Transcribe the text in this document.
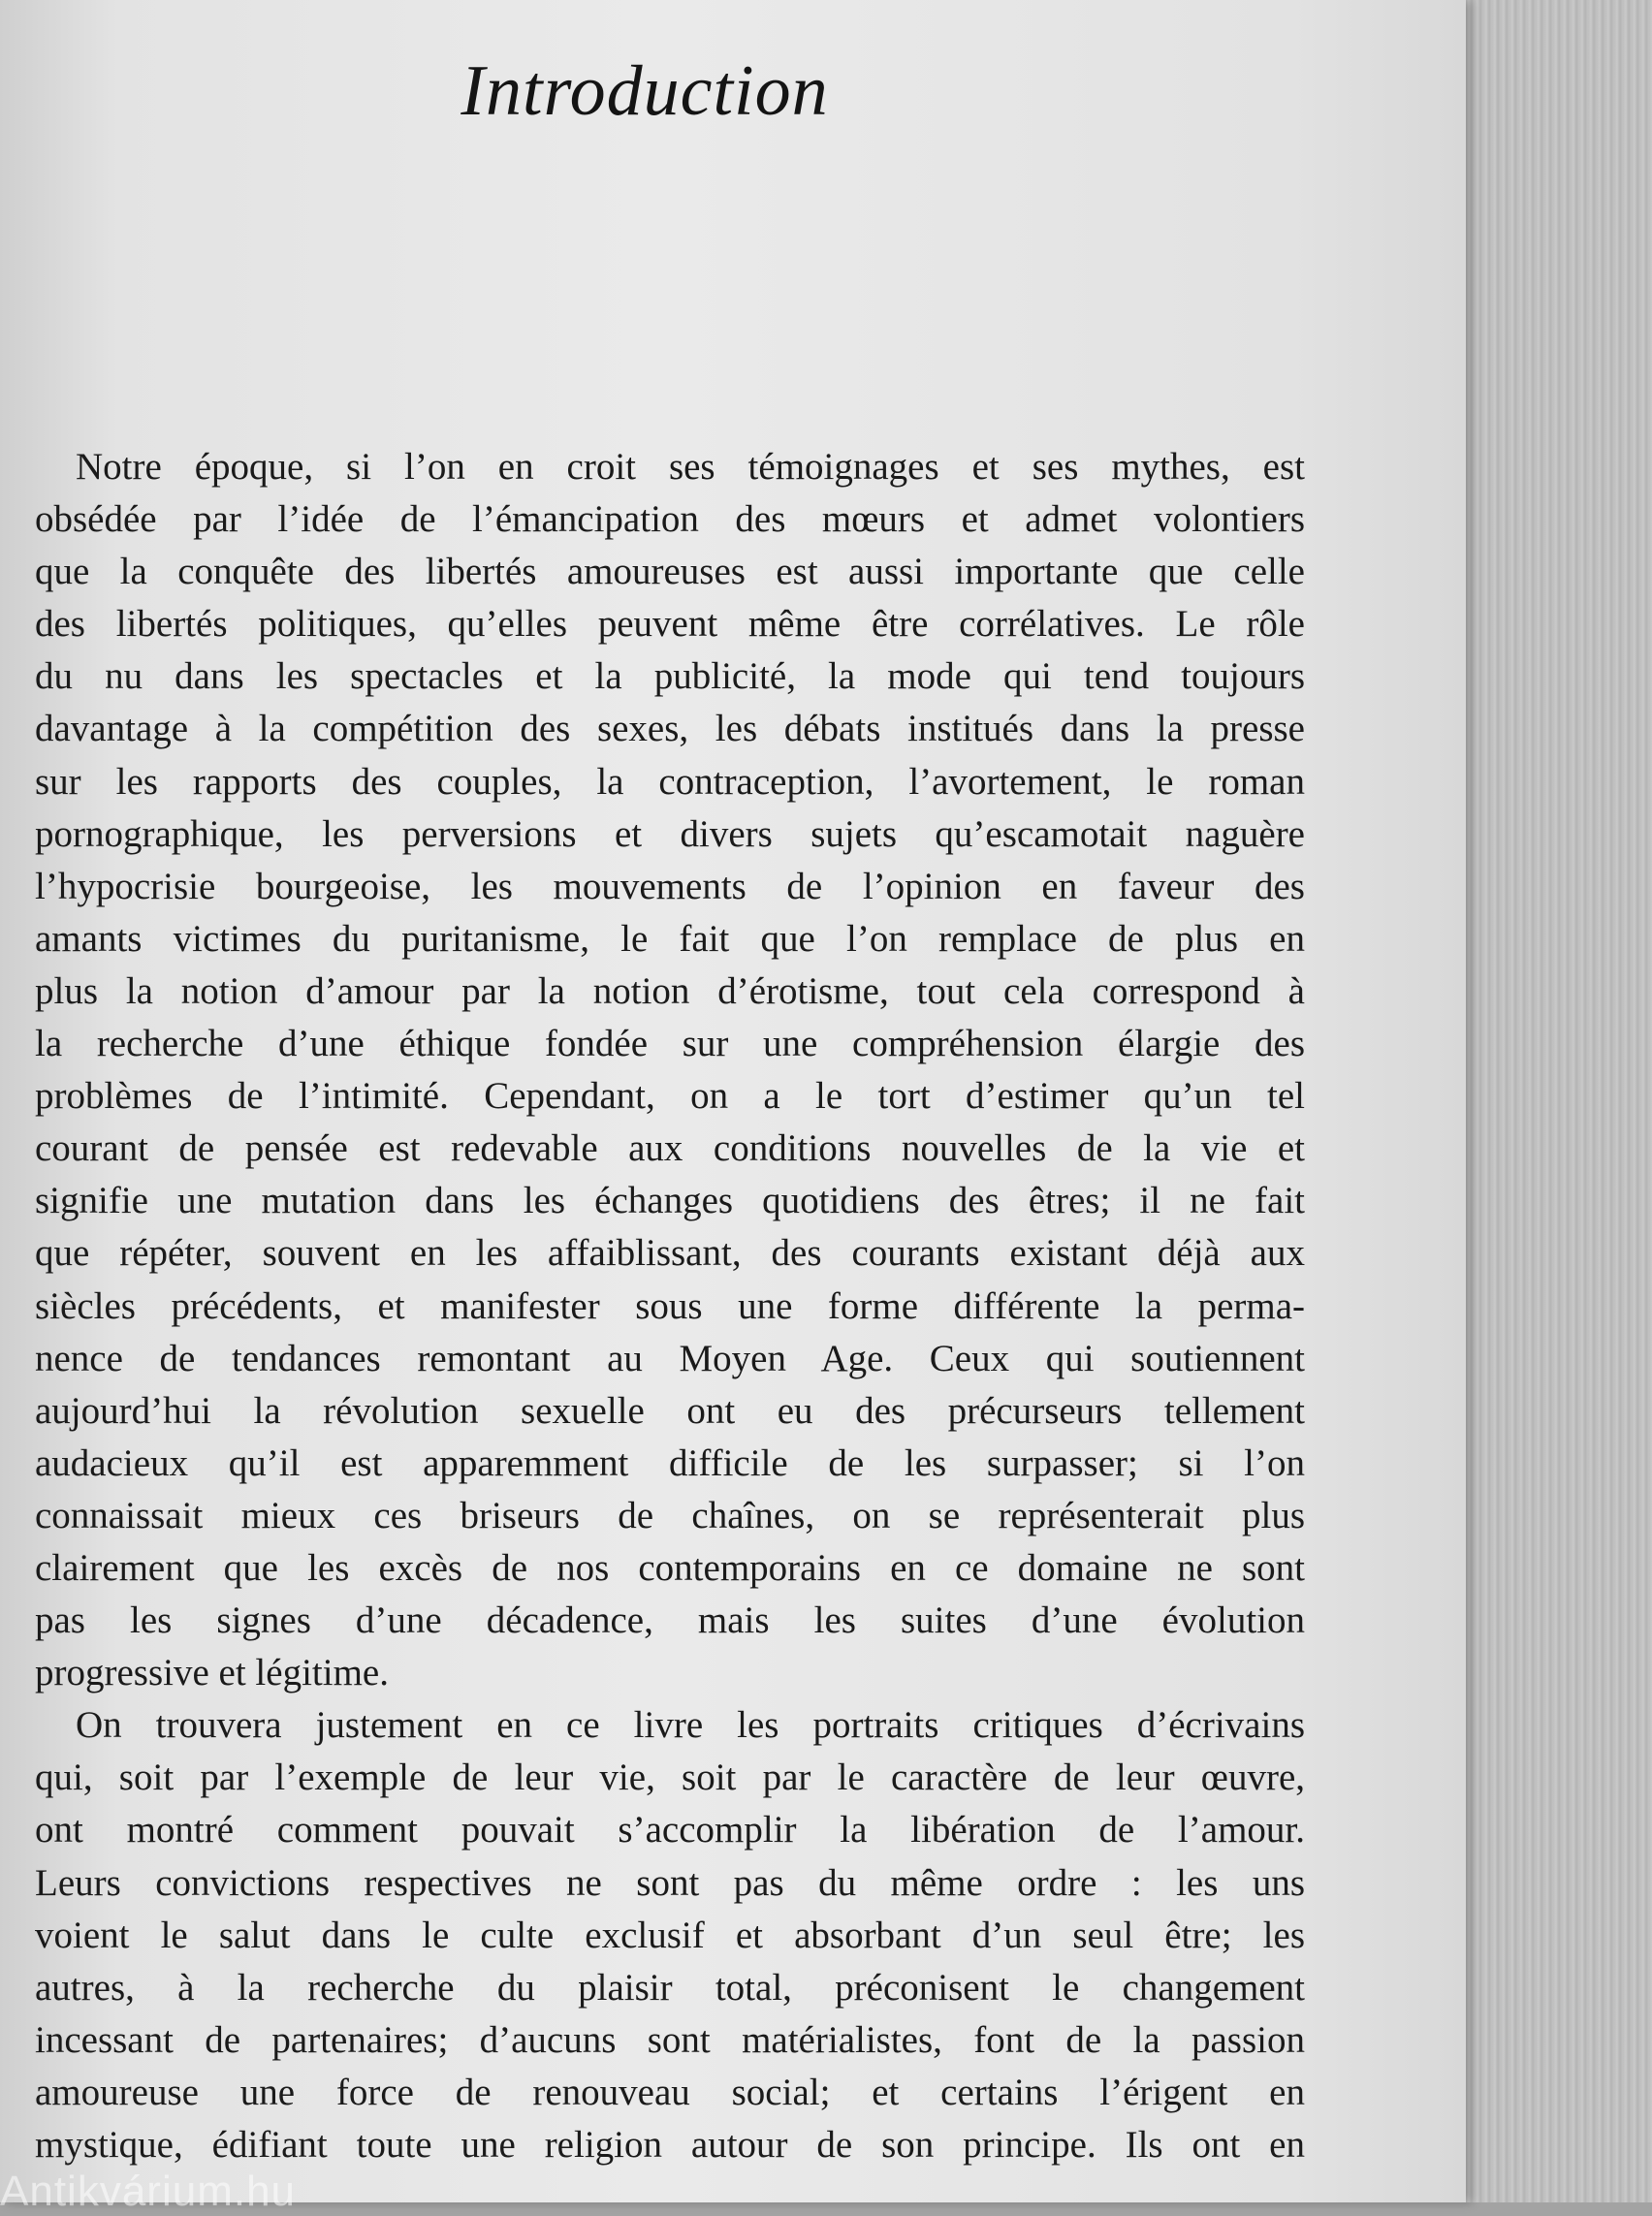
Introduction
Notre époque, si l’on en croit ses témoignages et ses mythes, est
obsédée par l’idée de l’émancipation des mœurs et admet volontiers
que la conquête des libertés amoureuses est aussi importante que celle
des libertés politiques, qu’elles peuvent même être corrélatives. Le rôle
du nu dans les spectacles et la publicité, la mode qui tend toujours
davantage à la compétition des sexes, les débats institués dans la presse
sur les rapports des couples, la contraception, l’avortement, le roman
pornographique, les perversions et divers sujets qu’escamotait naguère
l’hypocrisie bourgeoise, les mouvements de l’opinion en faveur des
amants victimes du puritanisme, le fait que l’on remplace de plus en
plus la notion d’amour par la notion d’érotisme, tout cela correspond à
la recherche d’une éthique fondée sur une compréhension élargie des
problèmes de l’intimité. Cependant, on a le tort d’estimer qu’un tel
courant de pensée est redevable aux conditions nouvelles de la vie et
signifie une mutation dans les échanges quotidiens des êtres; il ne fait
que répéter, souvent en les affaiblissant, des courants existant déjà aux
siècles précédents, et manifester sous une forme différente la perma-
nence de tendances remontant au Moyen Age. Ceux qui soutiennent
aujourd’hui la révolution sexuelle ont eu des précurseurs tellement
audacieux qu’il est apparemment difficile de les surpasser; si l’on
connaissait mieux ces briseurs de chaînes, on se représenterait plus
clairement que les excès de nos contemporains en ce domaine ne sont
pas les signes d’une décadence, mais les suites d’une évolution
progressive et légitime.
On trouvera justement en ce livre les portraits critiques d’écrivains
qui, soit par l’exemple de leur vie, soit par le caractère de leur œuvre,
ont montré comment pouvait s’accomplir la libération de l’amour.
Leurs convictions respectives ne sont pas du même ordre : les uns
voient le salut dans le culte exclusif et absorbant d’un seul être; les
autres, à la recherche du plaisir total, préconisent le changement
incessant de partenaires; d’aucuns sont matérialistes, font de la passion
amoureuse une force de renouveau social; et certains l’érigent en
mystique, édifiant toute une religion autour de son principe. Ils ont en
Antikvárium.hu
